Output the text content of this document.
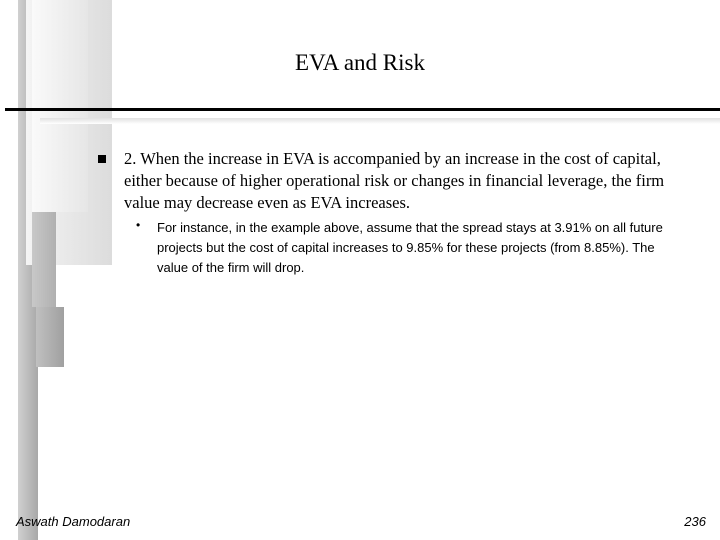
EVA and Risk

2. When the increase in EVA is accompanied by an increase in the cost of capital, either because of higher operational risk or changes in financial leverage, the firm value may decrease even as EVA increases.

• For instance, in the example above, assume that the spread stays at 3.91% on all future projects but the cost of capital increases to 9.85% for these projects (from 8.85%). The value of the firm will drop.

Aswath Damodaran	236
